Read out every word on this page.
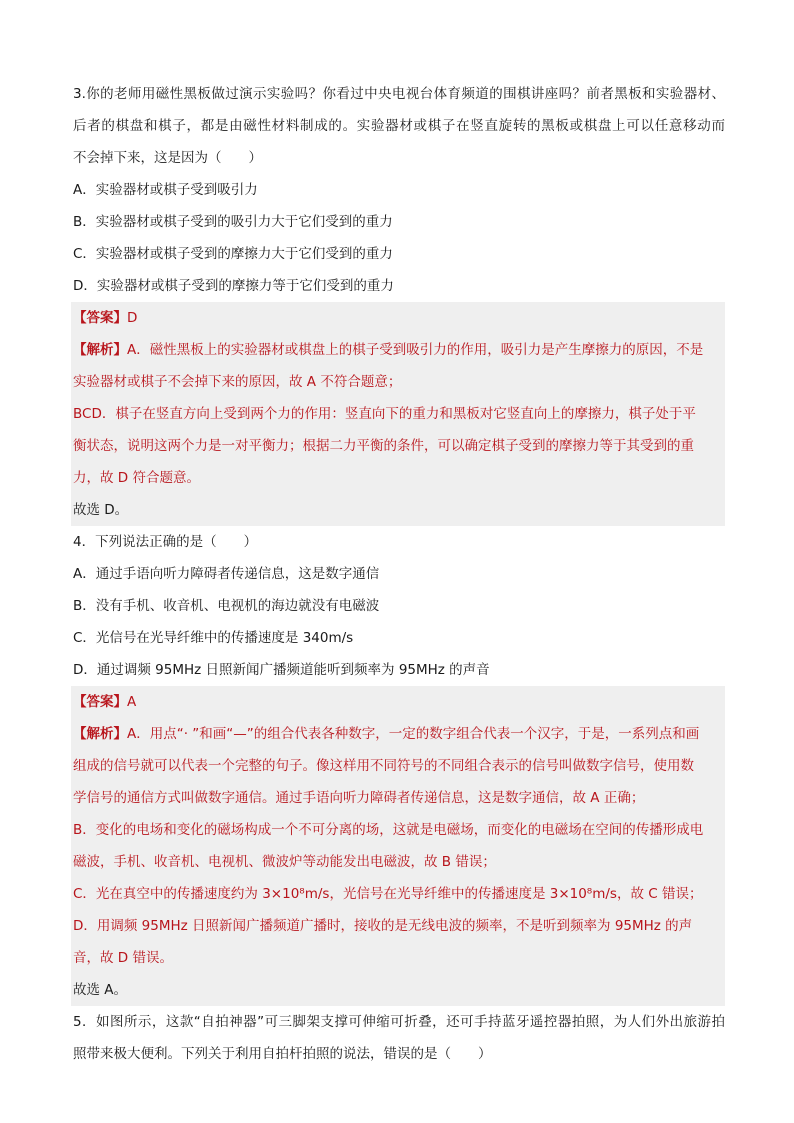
3.你的老师用磁性黑板做过演示实验吗？你看过中央电视台体育频道的围棋讲座吗？前者黑板和实验器材、
后者的棋盘和棋子，都是由磁性材料制成的。实验器材或棋子在竖直旋转的黑板或棋盘上可以任意移动而
不会掉下来，这是因为（　　）
A．实验器材或棋子受到吸引力
B．实验器材或棋子受到的吸引力大于它们受到的重力
C．实验器材或棋子受到的摩擦力大于它们受到的重力
D．实验器材或棋子受到的摩擦力等于它们受到的重力
【答案】D
【解析】A．磁性黑板上的实验器材或棋盘上的棋子受到吸引力的作用，吸引力是产生摩擦力的原因，不是
实验器材或棋子不会掉下来的原因，故 A 不符合题意；
BCD．棋子在竖直方向上受到两个力的作用：竖直向下的重力和黑板对它竖直向上的摩擦力，棋子处于平
衡状态，说明这两个力是一对平衡力；根据二力平衡的条件，可以确定棋子受到的摩擦力等于其受到的重
力，故 D 符合题意。
故选 D。
4．下列说法正确的是（　　）
A．通过手语向听力障碍者传递信息，这是数字通信
B．没有手机、收音机、电视机的海边就没有电磁波
C．光信号在光导纤维中的传播速度是 340m/s
D．通过调频 95MHz 日照新闻广播频道能听到频率为 95MHz 的声音
【答案】A
【解析】A．用点“· ”和画“—”的组合代表各种数字，一定的数字组合代表一个汉字，于是，一系列点和画
组成的信号就可以代表一个完整的句子。像这样用不同符号的不同组合表示的信号叫做数字信号，使用数
学信号的通信方式叫做数字通信。通过手语向听力障碍者传递信息，这是数字通信，故 A 正确；
B．变化的电场和变化的磁场构成一个不可分离的场，这就是电磁场，而变化的电磁场在空间的传播形成电
磁波，手机、收音机、电视机、微波炉等动能发出电磁波，故 B 错误；
C．光在真空中的传播速度约为 3×10⁸m/s，光信号在光导纤维中的传播速度是 3×10⁸m/s，故 C 错误；
D．用调频 95MHz 日照新闻广播频道广播时，接收的是无线电波的频率，不是听到频率为 95MHz 的声
音，故 D 错误。
故选 A。
5．如图所示，这款“自拍神器”可三脚架支撑可伸缩可折叠，还可手持蓝牙遥控器拍照，为人们外出旅游拍
照带来极大便利。下列关于利用自拍杆拍照的说法，错误的是（　　）
